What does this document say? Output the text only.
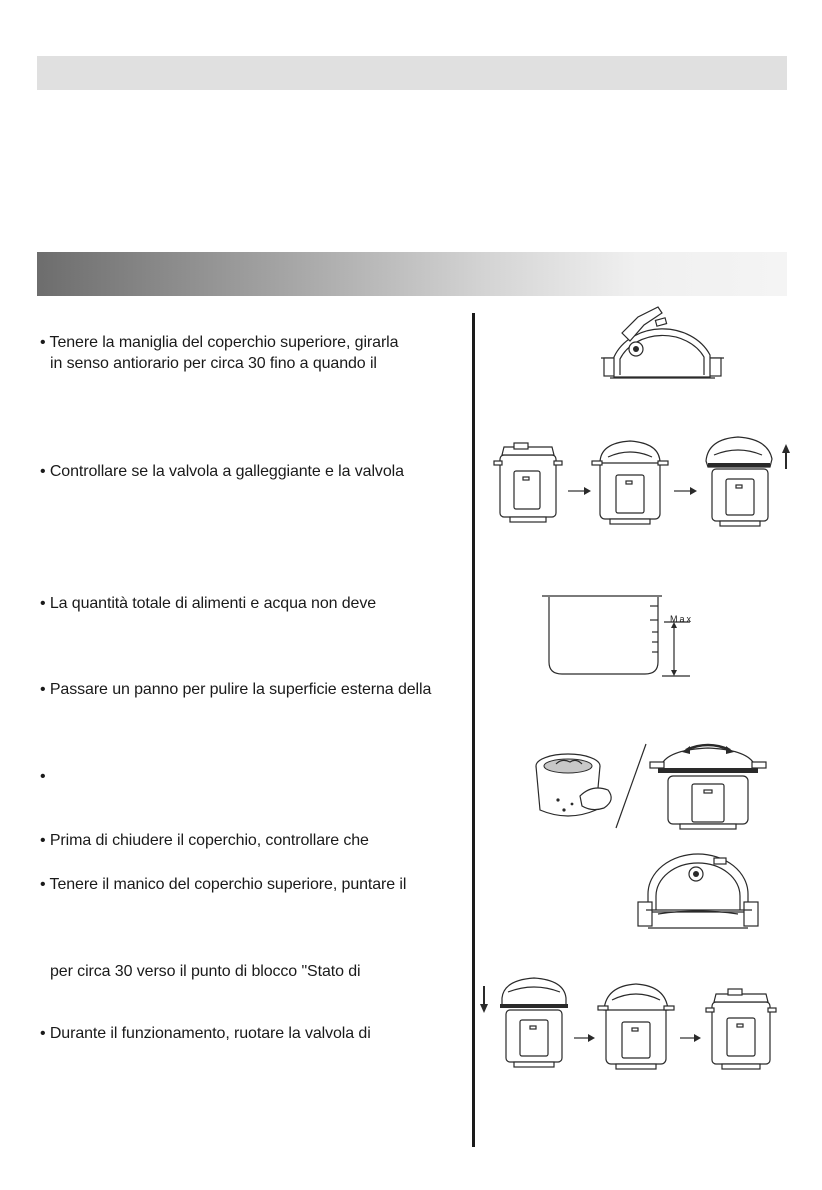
• Tenere la maniglia del coperchio superiore, girarla
in senso antiorario per circa 30 fino a quando il
• Controllare se la valvola a galleggiante e la valvola
• La quantità totale di alimenti e acqua non deve
• Passare un panno per pulire la superficie esterna della
•
• Prima di chiudere il coperchio, controllare che
• Tenere il manico del coperchio superiore, puntare il
per circa 30 verso il punto di blocco "Stato di
• Durante il funzionamento, ruotare la valvola di
Max
